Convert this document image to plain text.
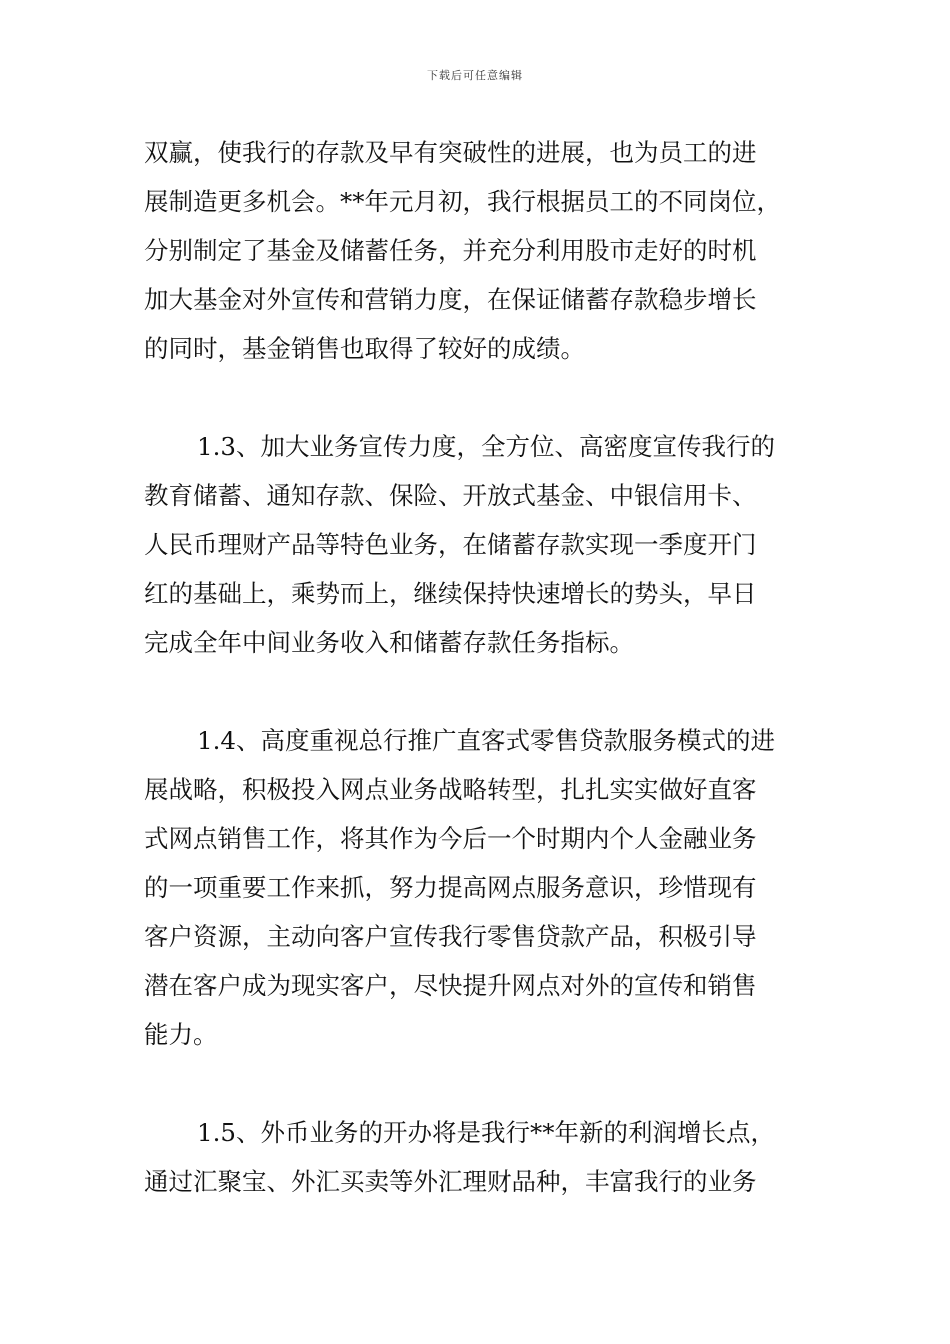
下载后可任意编辑
双赢，使我行的存款及早有突破性的进展，也为员工的进
展制造更多机会。**年元月初，我行根据员工的不同岗位，
分别制定了基金及储蓄任务，并充分利用股市走好的时机
加大基金对外宣传和营销力度，在保证储蓄存款稳步增长
的同时，基金销售也取得了较好的成绩。
1.3、加大业务宣传力度，全方位、高密度宣传我行的
教育储蓄、通知存款、保险、开放式基金、中银信用卡、
人民币理财产品等特色业务，在储蓄存款实现一季度开门
红的基础上，乘势而上，继续保持快速增长的势头，早日
完成全年中间业务收入和储蓄存款任务指标。
1.4、高度重视总行推广直客式零售贷款服务模式的进
展战略，积极投入网点业务战略转型，扎扎实实做好直客
式网点销售工作，将其作为今后一个时期内个人金融业务
的一项重要工作来抓，努力提高网点服务意识，珍惜现有
客户资源，主动向客户宣传我行零售贷款产品，积极引导
潜在客户成为现实客户，尽快提升网点对外的宣传和销售
能力。
1.5、外币业务的开办将是我行**年新的利润增长点，
通过汇聚宝、外汇买卖等外汇理财品种，丰富我行的业务
